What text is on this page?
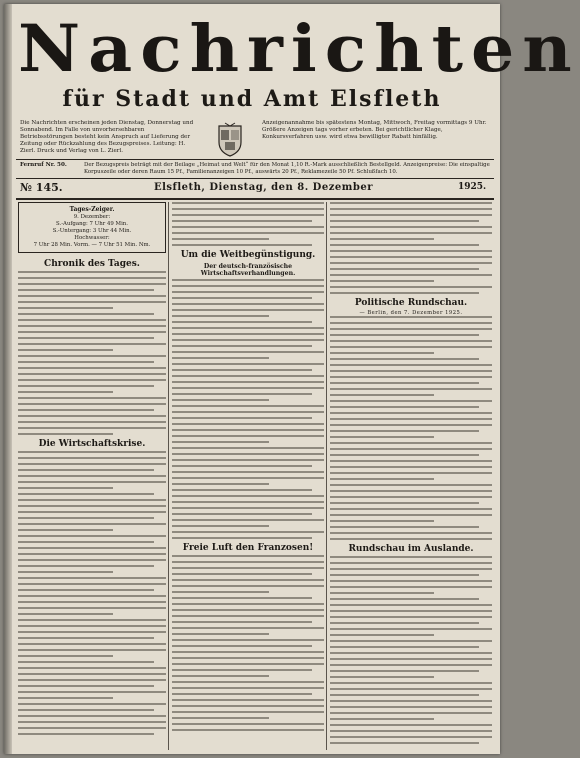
Nachrichten
für Stadt und Amt Elsfleth
Die Nachrichten erscheinen jeden Dienstag, Donnerstag und Sonnabend. Im Falle von unvorhersehbaren Betriebsstörungen besteht kein Anspruch auf Lieferung der Zeitung oder Rückzahlung des Bezugspreises. Leitung: H. Zierl. Druck und Verlag von L. Zierl.
Anzeigenannahme bis spätestens Montag, Mittwoch, Freitag vormittags 9 Uhr. Größere Anzeigen tags vorher erbeten. Bei gerichtlicher Klage, Konkursverfahren usw. wird etwa bewilligter Rabatt hinfällig.
Fernruf Nr. 50.	Der Bezugspreis beträgt mit der Beilage „Heimat und Welt“ für den Monat 1,10 R.-Mark ausschließlich Bestellgeld. Anzeigenpreise: Die einspaltige Korpuszeile oder deren Raum 15 Pf., Familienanzeigen 10 Pf., auswärts 20 Pf., Reklamezeile 50 Pf. Schlußfach 10.
№ 145.	Elsfleth, Dienstag, den 8. Dezember	1925.
Tages-Zeiger.
9. Dezember:
S.-Aufgang: 7 Uhr 49 Min.
S.-Untergang: 3 Uhr 44 Min.
Hochwasser:
7 Uhr 28 Min. Vorm. — 7 Uhr 51 Min. Nm.
Chronik des Tages.
Die Wirtschaftskrise.
Um die Weitbegünstigung.
Der deutsch-französische Wirtschaftsverhandlungen.
Freie Luft den Franzosen!
Politische Rundschau.
— Berlin, den 7. Dezember 1925.
Rundschau im Auslande.
